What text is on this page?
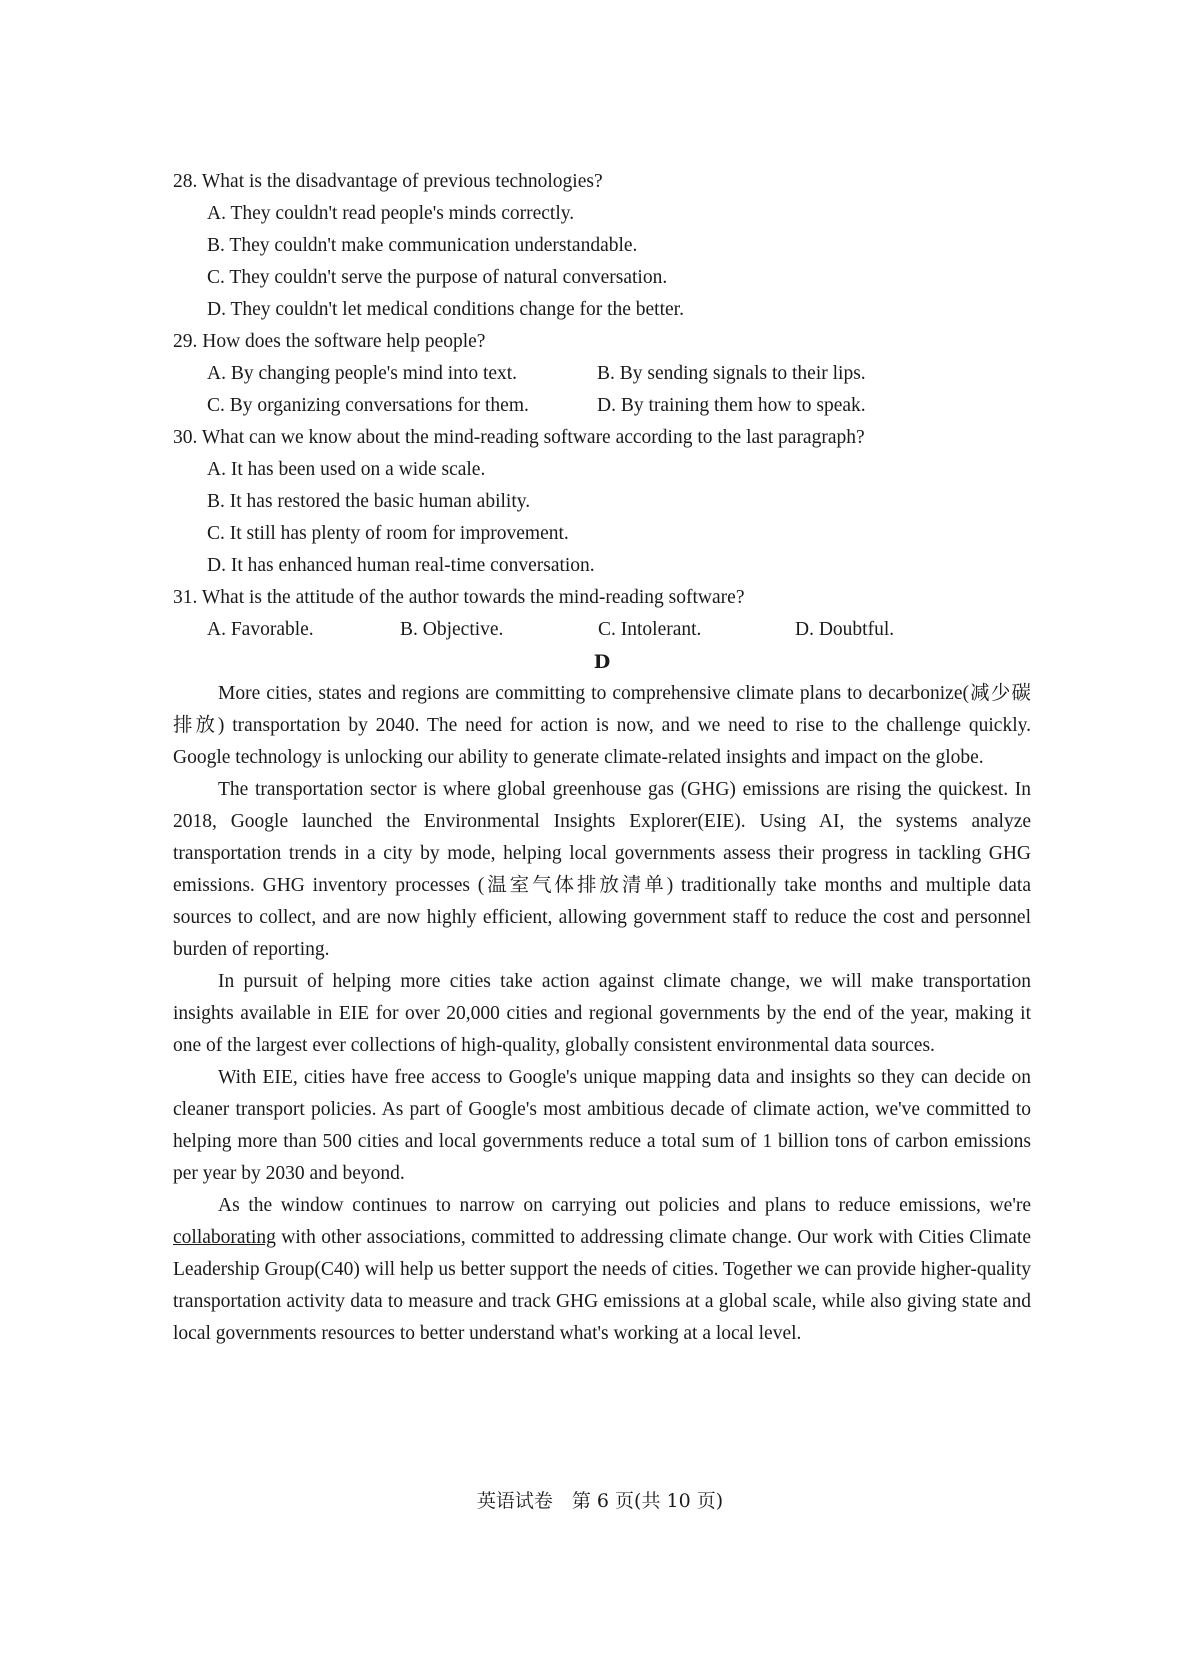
28. What is the disadvantage of previous technologies?
A. They couldn't read people's minds correctly.
B. They couldn't make communication understandable.
C. They couldn't serve the purpose of natural conversation.
D. They couldn't let medical conditions change for the better.
29. How does the software help people?
A. By changing people's mind into text.	B. By sending signals to their lips.
C. By organizing conversations for them.	D. By training them how to speak.
30. What can we know about the mind-reading software according to the last paragraph?
A. It has been used on a wide scale.
B. It has restored the basic human ability.
C. It still has plenty of room for improvement.
D. It has enhanced human real-time conversation.
31. What is the attitude of the author towards the mind-reading software?
A. Favorable.	B. Objective.	C. Intolerant.	D. Doubtful.
D

More cities, states and regions are committing to comprehensive climate plans to decarbonize(减少碳排放) transportation by 2040. The need for action is now, and we need to rise to the challenge quickly. Google technology is unlocking our ability to generate climate-related insights and impact on the globe.

The transportation sector is where global greenhouse gas (GHG) emissions are rising the quickest. In 2018, Google launched the Environmental Insights Explorer(EIE). Using AI, the systems analyze transportation trends in a city by mode, helping local governments assess their progress in tackling GHG emissions. GHG inventory processes (温室气体排放清单) traditionally take months and multiple data sources to collect, and are now highly efficient, allowing government staff to reduce the cost and personnel burden of reporting.

In pursuit of helping more cities take action against climate change, we will make transportation insights available in EIE for over 20,000 cities and regional governments by the end of the year, making it one of the largest ever collections of high-quality, globally consistent environmental data sources.

With EIE, cities have free access to Google's unique mapping data and insights so they can decide on cleaner transport policies. As part of Google's most ambitious decade of climate action, we've committed to helping more than 500 cities and local governments reduce a total sum of 1 billion tons of carbon emissions per year by 2030 and beyond.

As the window continues to narrow on carrying out policies and plans to reduce emissions, we're collaborating with other associations, committed to addressing climate change. Our work with Cities Climate Leadership Group(C40) will help us better support the needs of cities. Together we can provide higher-quality transportation activity data to measure and track GHG emissions at a global scale, while also giving state and local governments resources to better understand what's working at a local level.

英语试卷　第 6 页(共 10 页)
